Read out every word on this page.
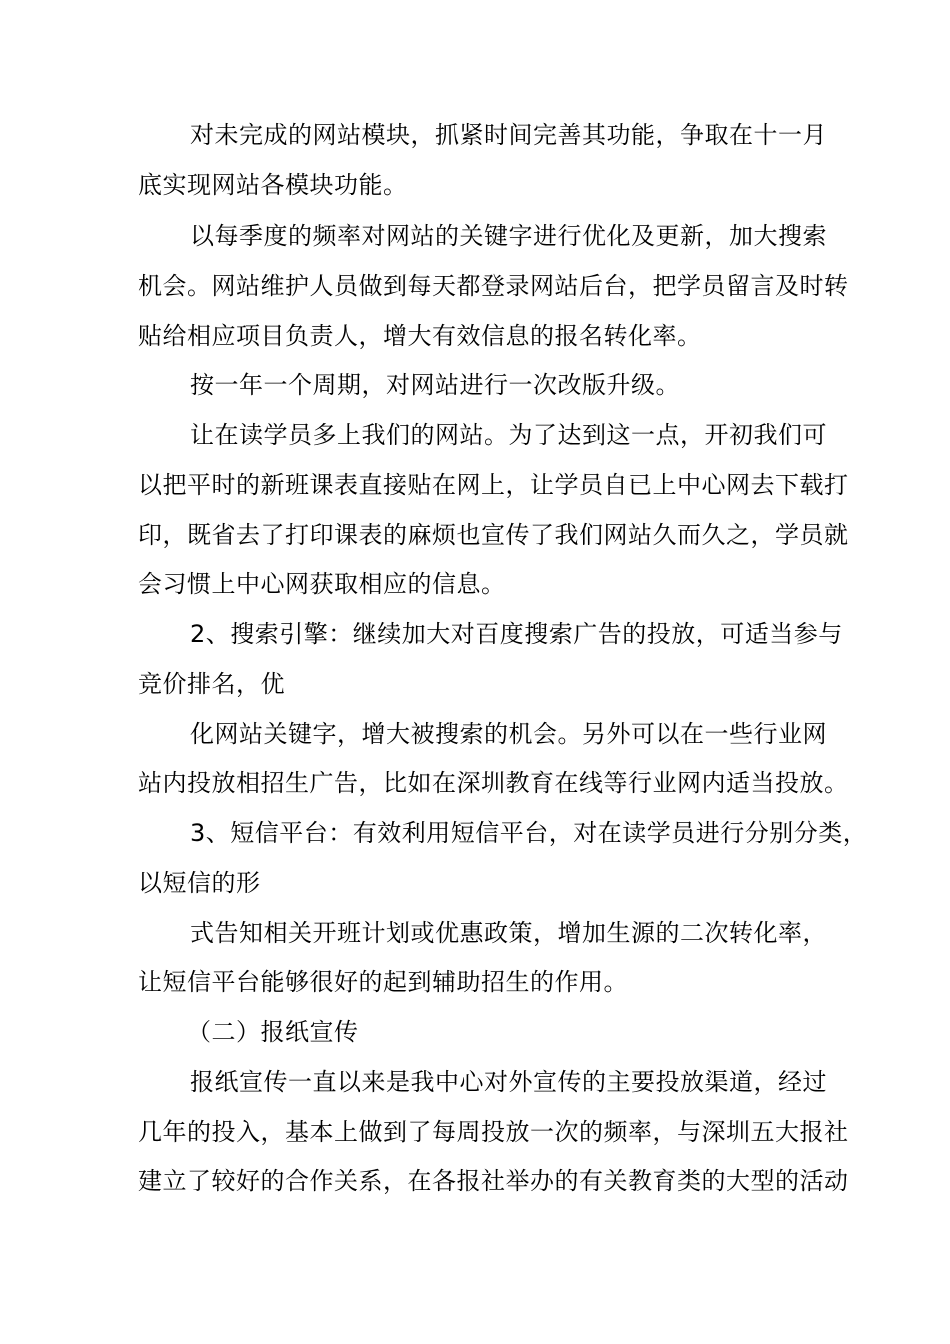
对未完成的网站模块，抓紧时间完善其功能，争取在十一月
底实现网站各模块功能。
以每季度的频率对网站的关键字进行优化及更新，加大搜索
机会。网站维护人员做到每天都登录网站后台，把学员留言及时转
贴给相应项目负责人，增大有效信息的报名转化率。
按一年一个周期，对网站进行一次改版升级。
让在读学员多上我们的网站。为了达到这一点，开初我们可
以把平时的新班课表直接贴在网上，让学员自已上中心网去下载打
印，既省去了打印课表的麻烦也宣传了我们网站久而久之，学员就
会习惯上中心网获取相应的信息。
2、搜索引擎：继续加大对百度搜索广告的投放，可适当参与
竞价排名，优
化网站关键字，增大被搜索的机会。另外可以在一些行业网
站内投放相招生广告，比如在深圳教育在线等行业网内适当投放。
3、短信平台：有效利用短信平台，对在读学员进行分别分类，
以短信的形
式告知相关开班计划或优惠政策，增加生源的二次转化率，
让短信平台能够很好的起到辅助招生的作用。
（二）报纸宣传
报纸宣传一直以来是我中心对外宣传的主要投放渠道，经过
几年的投入，基本上做到了每周投放一次的频率，与深圳五大报社
建立了较好的合作关系，在各报社举办的有关教育类的大型的活动
